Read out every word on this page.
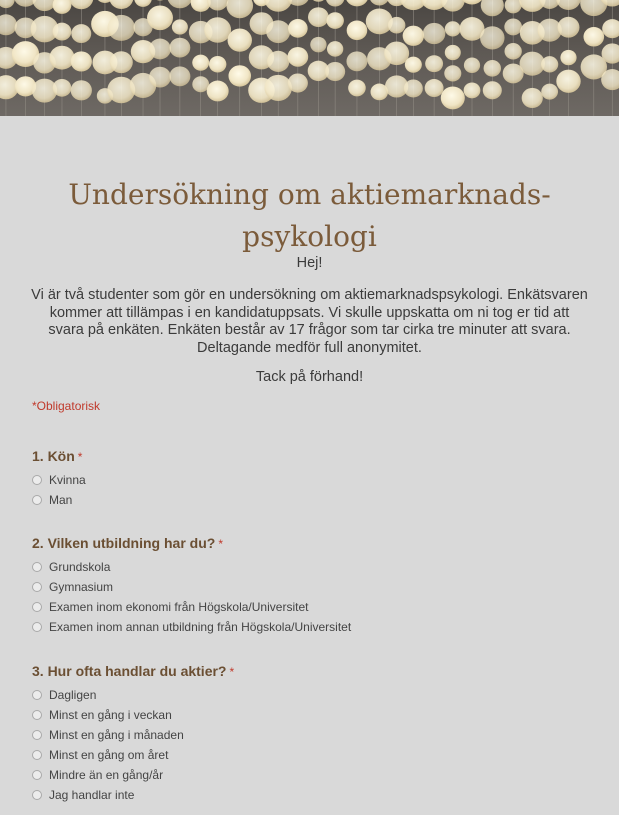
Undersökning om aktiemarknads-psykologi

Hej!

Vi är två studenter som gör en undersökning om aktiemarknadspsykologi. Enkätsvaren kommer att tillämpas i en kandidatuppsats. Vi skulle uppskatta om ni tog er tid att svara på enkäten. Enkäten består av 17 frågor som tar cirka tre minuter att svara. Deltagande medför full anonymitet.

Tack på förhand!

*Obligatorisk

1. Kön *

Kvinna
Man

2. Vilken utbildning har du? *

Grundskola
Gymnasium
Examen inom ekonomi från Högskola/Universitet
Examen inom annan utbildning från Högskola/Universitet

3. Hur ofta handlar du aktier? *

Dagligen
Minst en gång i veckan
Minst en gång i månaden
Minst en gång om året
Mindre än en gång/år
Jag handlar inte
